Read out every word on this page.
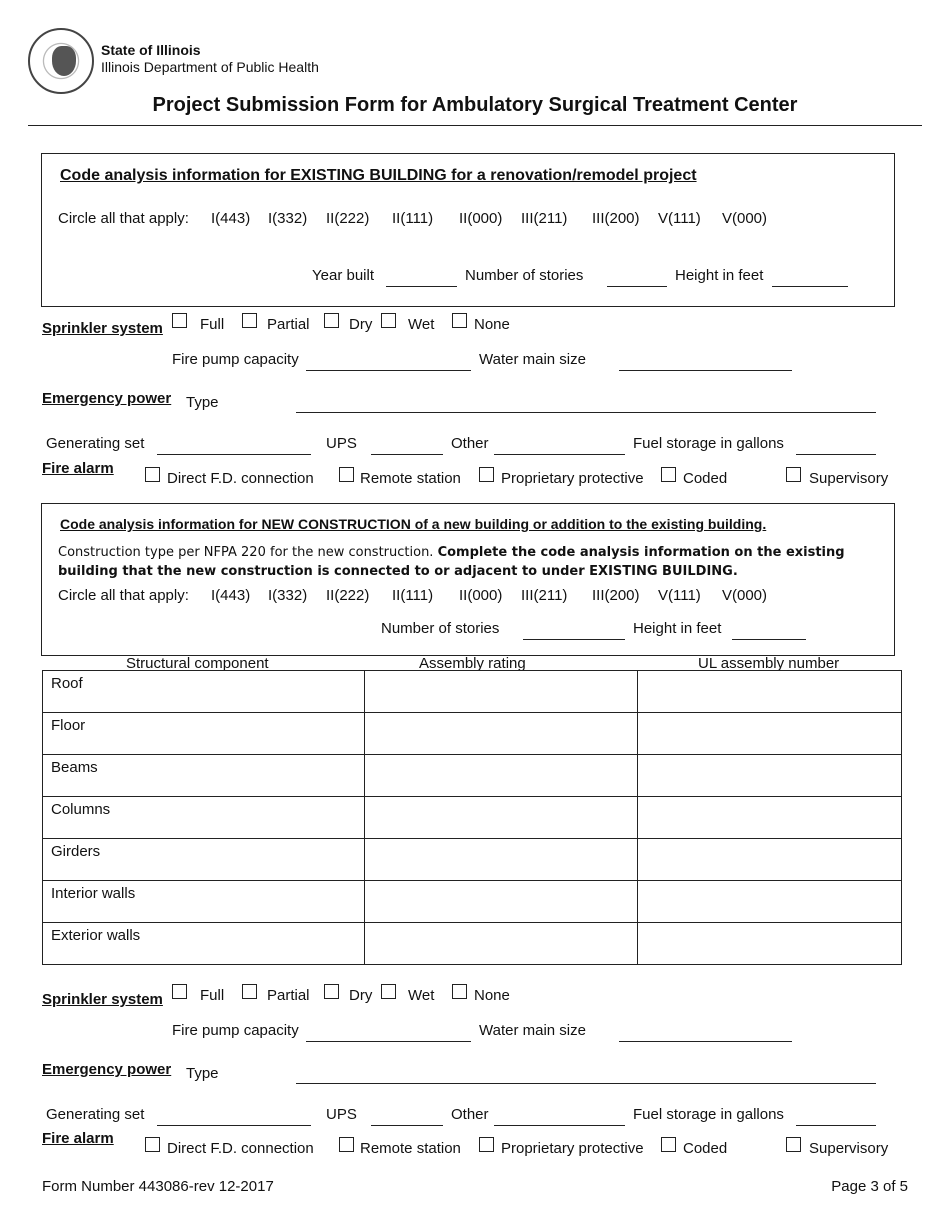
State of Illinois
Illinois Department of Public Health
Project Submission Form for Ambulatory Surgical Treatment Center
Code analysis information for EXISTING BUILDING for a renovation/remodel project
Circle all that apply: I(443) I(332) II(222) II(111) II(000) III(211) III(200) V(111) V(000)
Year built	Number of stories	Height in feet
Sprinkler system Full	Partial	Dry Wet	None
Fire pump capacity	Water main size
Emergency power Type
Generating set	UPS	Other	Fuel storage in gallons
Fire alarm
Direct F.D. connection	Remote station	Proprietary protective	Coded	Supervisory
Code analysis information for NEW CONSTRUCTION of a new building or addition to the existing building.
Construction type per NFPA 220 for the new construction. Complete the code analysis information on the existing
building that the new construction is connected to or adjacent to under EXISTING BUILDING.
Circle all that apply: I(443) I(332) II(222) II(111) II(000) III(211) III(200) V(111) V(000)
Number of stories	Height in feet
Structural component	Assembly rating	UL assembly number
Roof		
Floor		
Beams		
Columns		
Girders		
Interior walls		
Exterior walls		
Sprinkler system Full	Partial	Dry Wet	None
Fire pump capacity	Water main size
Emergency power Type
Generating set	UPS	Other	Fuel storage in gallons
Fire alarm
Direct F.D. connection	Remote station	Proprietary protective	Coded	Supervisory
Form Number 443086-rev 12-2017	Page 3 of 5
